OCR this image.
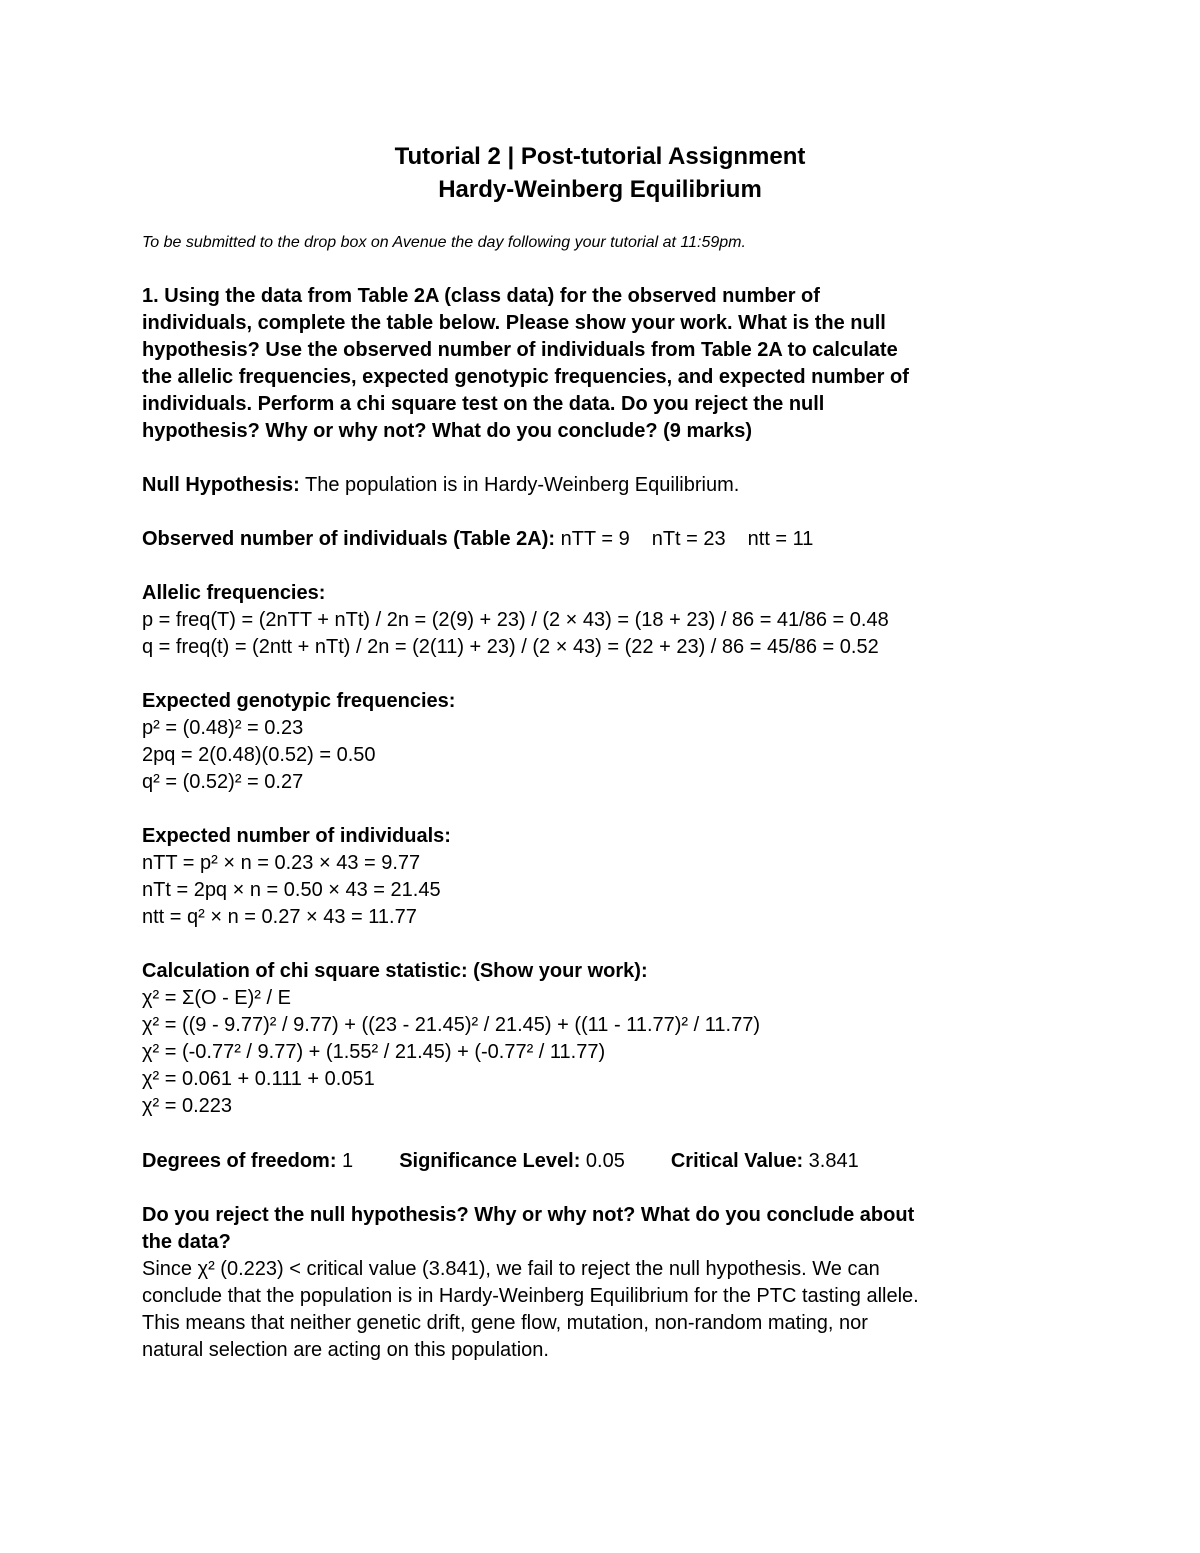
Tutorial 2 | Post-tutorial Assignment
Hardy-Weinberg Equilibrium

To be submitted to the drop box on Avenue the day following your tutorial at 11:59pm.

1. Using the data from Table 2A (class data) for the observed number of
individuals, complete the table below. Please show your work. What is the null
hypothesis? Use the observed number of individuals from Table 2A to calculate
the allelic frequencies, expected genotypic frequencies, and expected number of
individuals. Perform a chi square test on the data. Do you reject the null
hypothesis? Why or why not? What do you conclude? (9 marks)
Null Hypothesis: The population is in Hardy-Weinberg Equilibrium.
Observed number of individuals (Table 2A): nTT = 9 nTt = 23 ntt = 11
Allelic frequencies:
p = freq(T) = (2nTT + nTt) / 2n = (2(9) + 23) / (2 × 43) = (18 + 23) / 86 = 41/86 = 0.48
q = freq(t) = (2ntt + nTt) / 2n = (2(11) + 23) / (2 × 43) = (22 + 23) / 86 = 45/86 = 0.52
Expected genotypic frequencies:
p² = (0.48)² = 0.23
2pq = 2(0.48)(0.52) = 0.50
q² = (0.52)² = 0.27
Expected number of individuals:
nTT = p² × n = 0.23 × 43 = 9.77
nTt = 2pq × n = 0.50 × 43 = 21.45
ntt = q² × n = 0.27 × 43 = 11.77
Calculation of chi square statistic: (Show your work):
χ² = Σ(O - E)² / E
χ² = ((9 - 9.77)² / 9.77) + ((23 - 21.45)² / 21.45) + ((11 - 11.77)² / 11.77)
χ² = (-0.77² / 9.77) + (1.55² / 21.45) + (-0.77² / 11.77)
χ² = 0.061 + 0.111 + 0.051
χ² = 0.223
Degrees of freedom: 1 Significance Level: 0.05 Critical Value: 3.841
Do you reject the null hypothesis? Why or why not? What do you conclude about
the data?
Since χ² (0.223) < critical value (3.841), we fail to reject the null hypothesis. We can
conclude that the population is in Hardy-Weinberg Equilibrium for the PTC tasting allele.
This means that neither genetic drift, gene flow, mutation, non-random mating, nor
natural selection are acting on this population.
